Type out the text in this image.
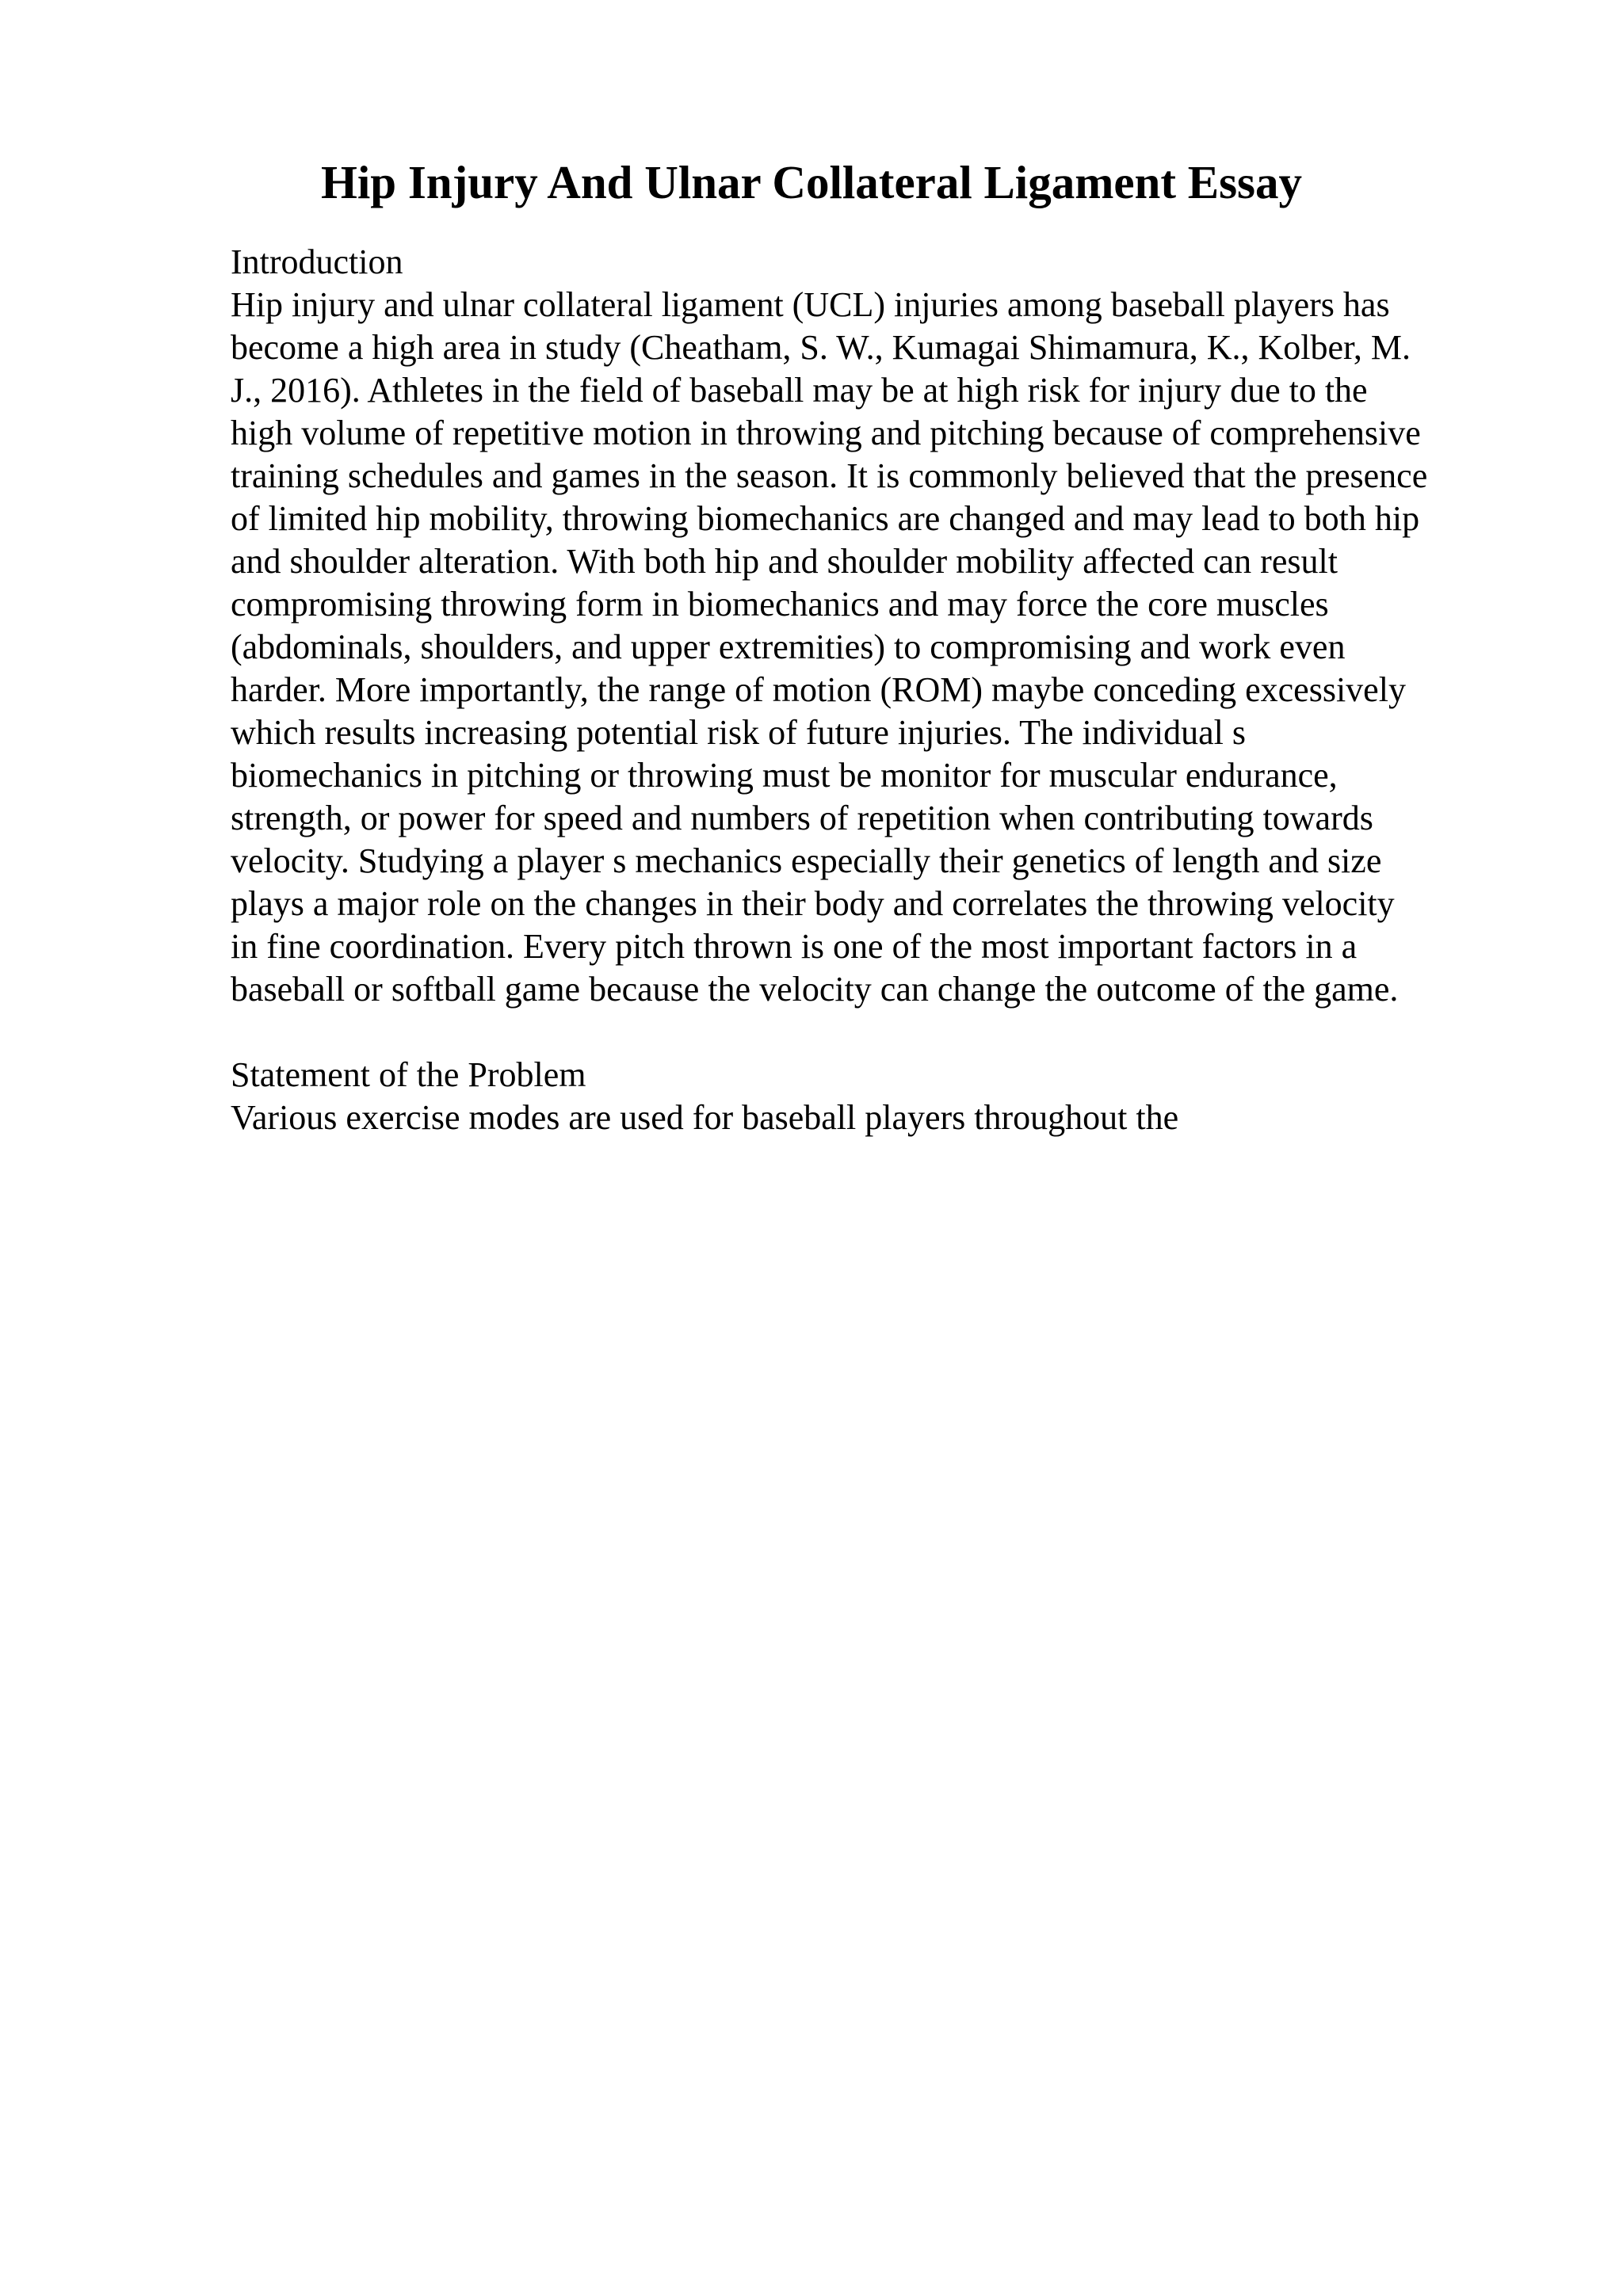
Hip Injury And Ulnar Collateral Ligament Essay
Introduction
Hip injury and ulnar collateral ligament (UCL) injuries among baseball players has
become a high area in study (Cheatham, S. W., Kumagai Shimamura, K., Kolber, M.
J., 2016). Athletes in the field of baseball may be at high risk for injury due to the
high volume of repetitive motion in throwing and pitching because of comprehensive
training schedules and games in the season. It is commonly believed that the presence
of limited hip mobility, throwing biomechanics are changed and may lead to both hip
and shoulder alteration. With both hip and shoulder mobility affected can result
compromising throwing form in biomechanics and may force the core muscles
(abdominals, shoulders, and upper extremities) to compromising and work even
harder. More importantly, the range of motion (ROM) maybe conceding excessively
which results increasing potential risk of future injuries. The individual s
biomechanics in pitching or throwing must be monitor for muscular endurance,
strength, or power for speed and numbers of repetition when contributing towards
velocity. Studying a player s mechanics especially their genetics of length and size
plays a major role on the changes in their body and correlates the throwing velocity
in fine coordination. Every pitch thrown is one of the most important factors in a
baseball or softball game because the velocity can change the outcome of the game.
Statement of the Problem
Various exercise modes are used for baseball players throughout the
